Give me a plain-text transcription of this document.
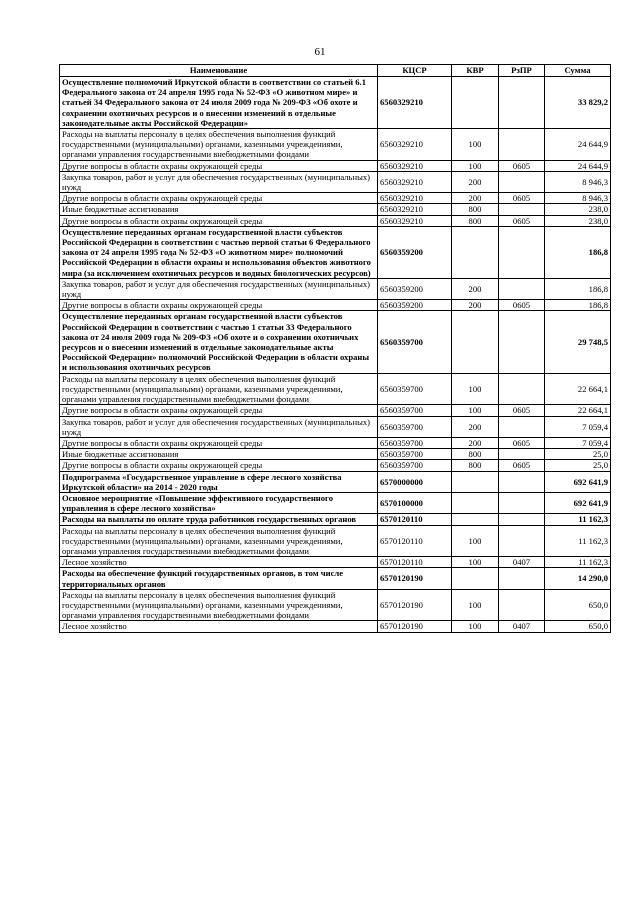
61
Наименование	КЦСР	КВР	РзПР	Сумма
Осуществление полномочий Иркутской области в соответствии со статьей 6.1 Федерального закона от 24 апреля 1995 года № 52-ФЗ «О животном мире» и статьей 34 Федерального закона от 24 июля 2009 года № 209-ФЗ «Об охоте и сохранении охотничьих ресурсов и о внесении изменений в отдельные законодательные акты Российской Федерации»	6560329210			33 829,2
Расходы на выплаты персоналу в целях обеспечения выполнения функций государственными (муниципальными) органами, казенными учреждениями, органами управления государственными внебюджетными фондами	6560329210	100		24 644,9
Другие вопросы в области охраны окружающей среды	6560329210	100	0605	24 644,9
Закупка товаров, работ и услуг для обеспечения государственных (муниципальных) нужд	6560329210	200		8 946,3
Другие вопросы в области охраны окружающей среды	6560329210	200	0605	8 946,3
Иные бюджетные ассигнования	6560329210	800		238,0
Другие вопросы в области охраны окружающей среды	6560329210	800	0605	238,0
Осуществление переданных органам государственной власти субъектов Российской Федерации в соответствии с частью первой статьи 6 Федерального закона от 24 апреля 1995 года № 52-ФЗ «О животном мире» полномочий Российской Федерации в области охраны и использования объектов животного мира (за исключением охотничьих ресурсов и водных биологических ресурсов)	6560359200			186,8
Закупка товаров, работ и услуг для обеспечения государственных (муниципальных) нужд	6560359200	200		186,8
Другие вопросы в области охраны окружающей среды	6560359200	200	0605	186,8
Осуществление переданных органам государственной власти субъектов Российской Федерации в соответствии с частью 1 статьи 33 Федерального закона от 24 июля 2009 года № 209-ФЗ «Об охоте и о сохранении охотничьих ресурсов и о внесении изменений в отдельные законодательные акты Российской Федерации» полномочий Российской Федерации в области охраны и использования охотничьих ресурсов	6560359700			29 748,5
Расходы на выплаты персоналу в целях обеспечения выполнения функций государственными (муниципальными) органами, казенными учреждениями, органами управления государственными внебюджетными фондами	6560359700	100		22 664,1
Другие вопросы в области охраны окружающей среды	6560359700	100	0605	22 664,1
Закупка товаров, работ и услуг для обеспечения государственных (муниципальных) нужд	6560359700	200		7 059,4
Другие вопросы в области охраны окружающей среды	6560359700	200	0605	7 059,4
Иные бюджетные ассигнования	6560359700	800		25,0
Другие вопросы в области охраны окружающей среды	6560359700	800	0605	25,0
Подпрограмма «Государственное управление в сфере лесного хозяйства Иркутской области» на 2014 - 2020 годы	6570000000			692 641,9
Основное мероприятие «Повышение эффективного государственного управления в сфере лесного хозяйства»	6570100000			692 641,9
Расходы на выплаты по оплате труда работников государственных органов	6570120110			11 162,3
Расходы на выплаты персоналу в целях обеспечения выполнения функций государственными (муниципальными) органами, казенными учреждениями, органами управления государственными внебюджетными фондами	6570120110	100		11 162,3
Лесное хозяйство	6570120110	100	0407	11 162,3
Расходы на обеспечение функций государственных органов, в том числе территориальных органов	6570120190			14 290,0
Расходы на выплаты персоналу в целях обеспечения выполнения функций государственными (муниципальными) органами, казенными учреждениями, органами управления государственными внебюджетными фондами	6570120190	100		650,0
Лесное хозяйство	6570120190	100	0407	650,0
